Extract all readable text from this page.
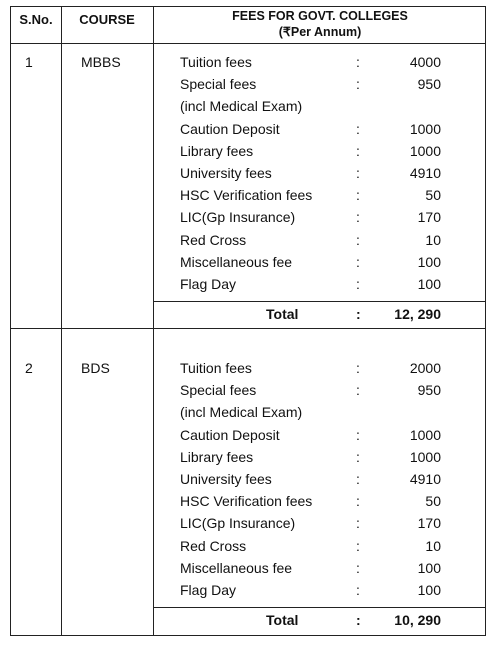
S.No.	COURSE	FEES FOR GOVT. COLLEGES
(₹Per Annum)
1	MBBS	Tuition fees	:	4000
Special fees	:	950
(incl Medical Exam)
Caution Deposit	:	1000
Library fees	:	1000
University fees	:	4910
HSC Verification fees	:	50
LIC(Gp Insurance)	:	170
Red Cross	:	10
Miscellaneous fee	:	100
Flag Day	:	100
Total	: 12, 290
2	BDS	Tuition fees	:	2000
Special fees	:	950
(incl Medical Exam)
Caution Deposit	:	1000
Library fees	:	1000
University fees	:	4910
HSC Verification fees	:	50
LIC(Gp Insurance)	:	170
Red Cross	:	10
Miscellaneous fee	:	100
Flag Day	:	100
Total	: 10, 290
